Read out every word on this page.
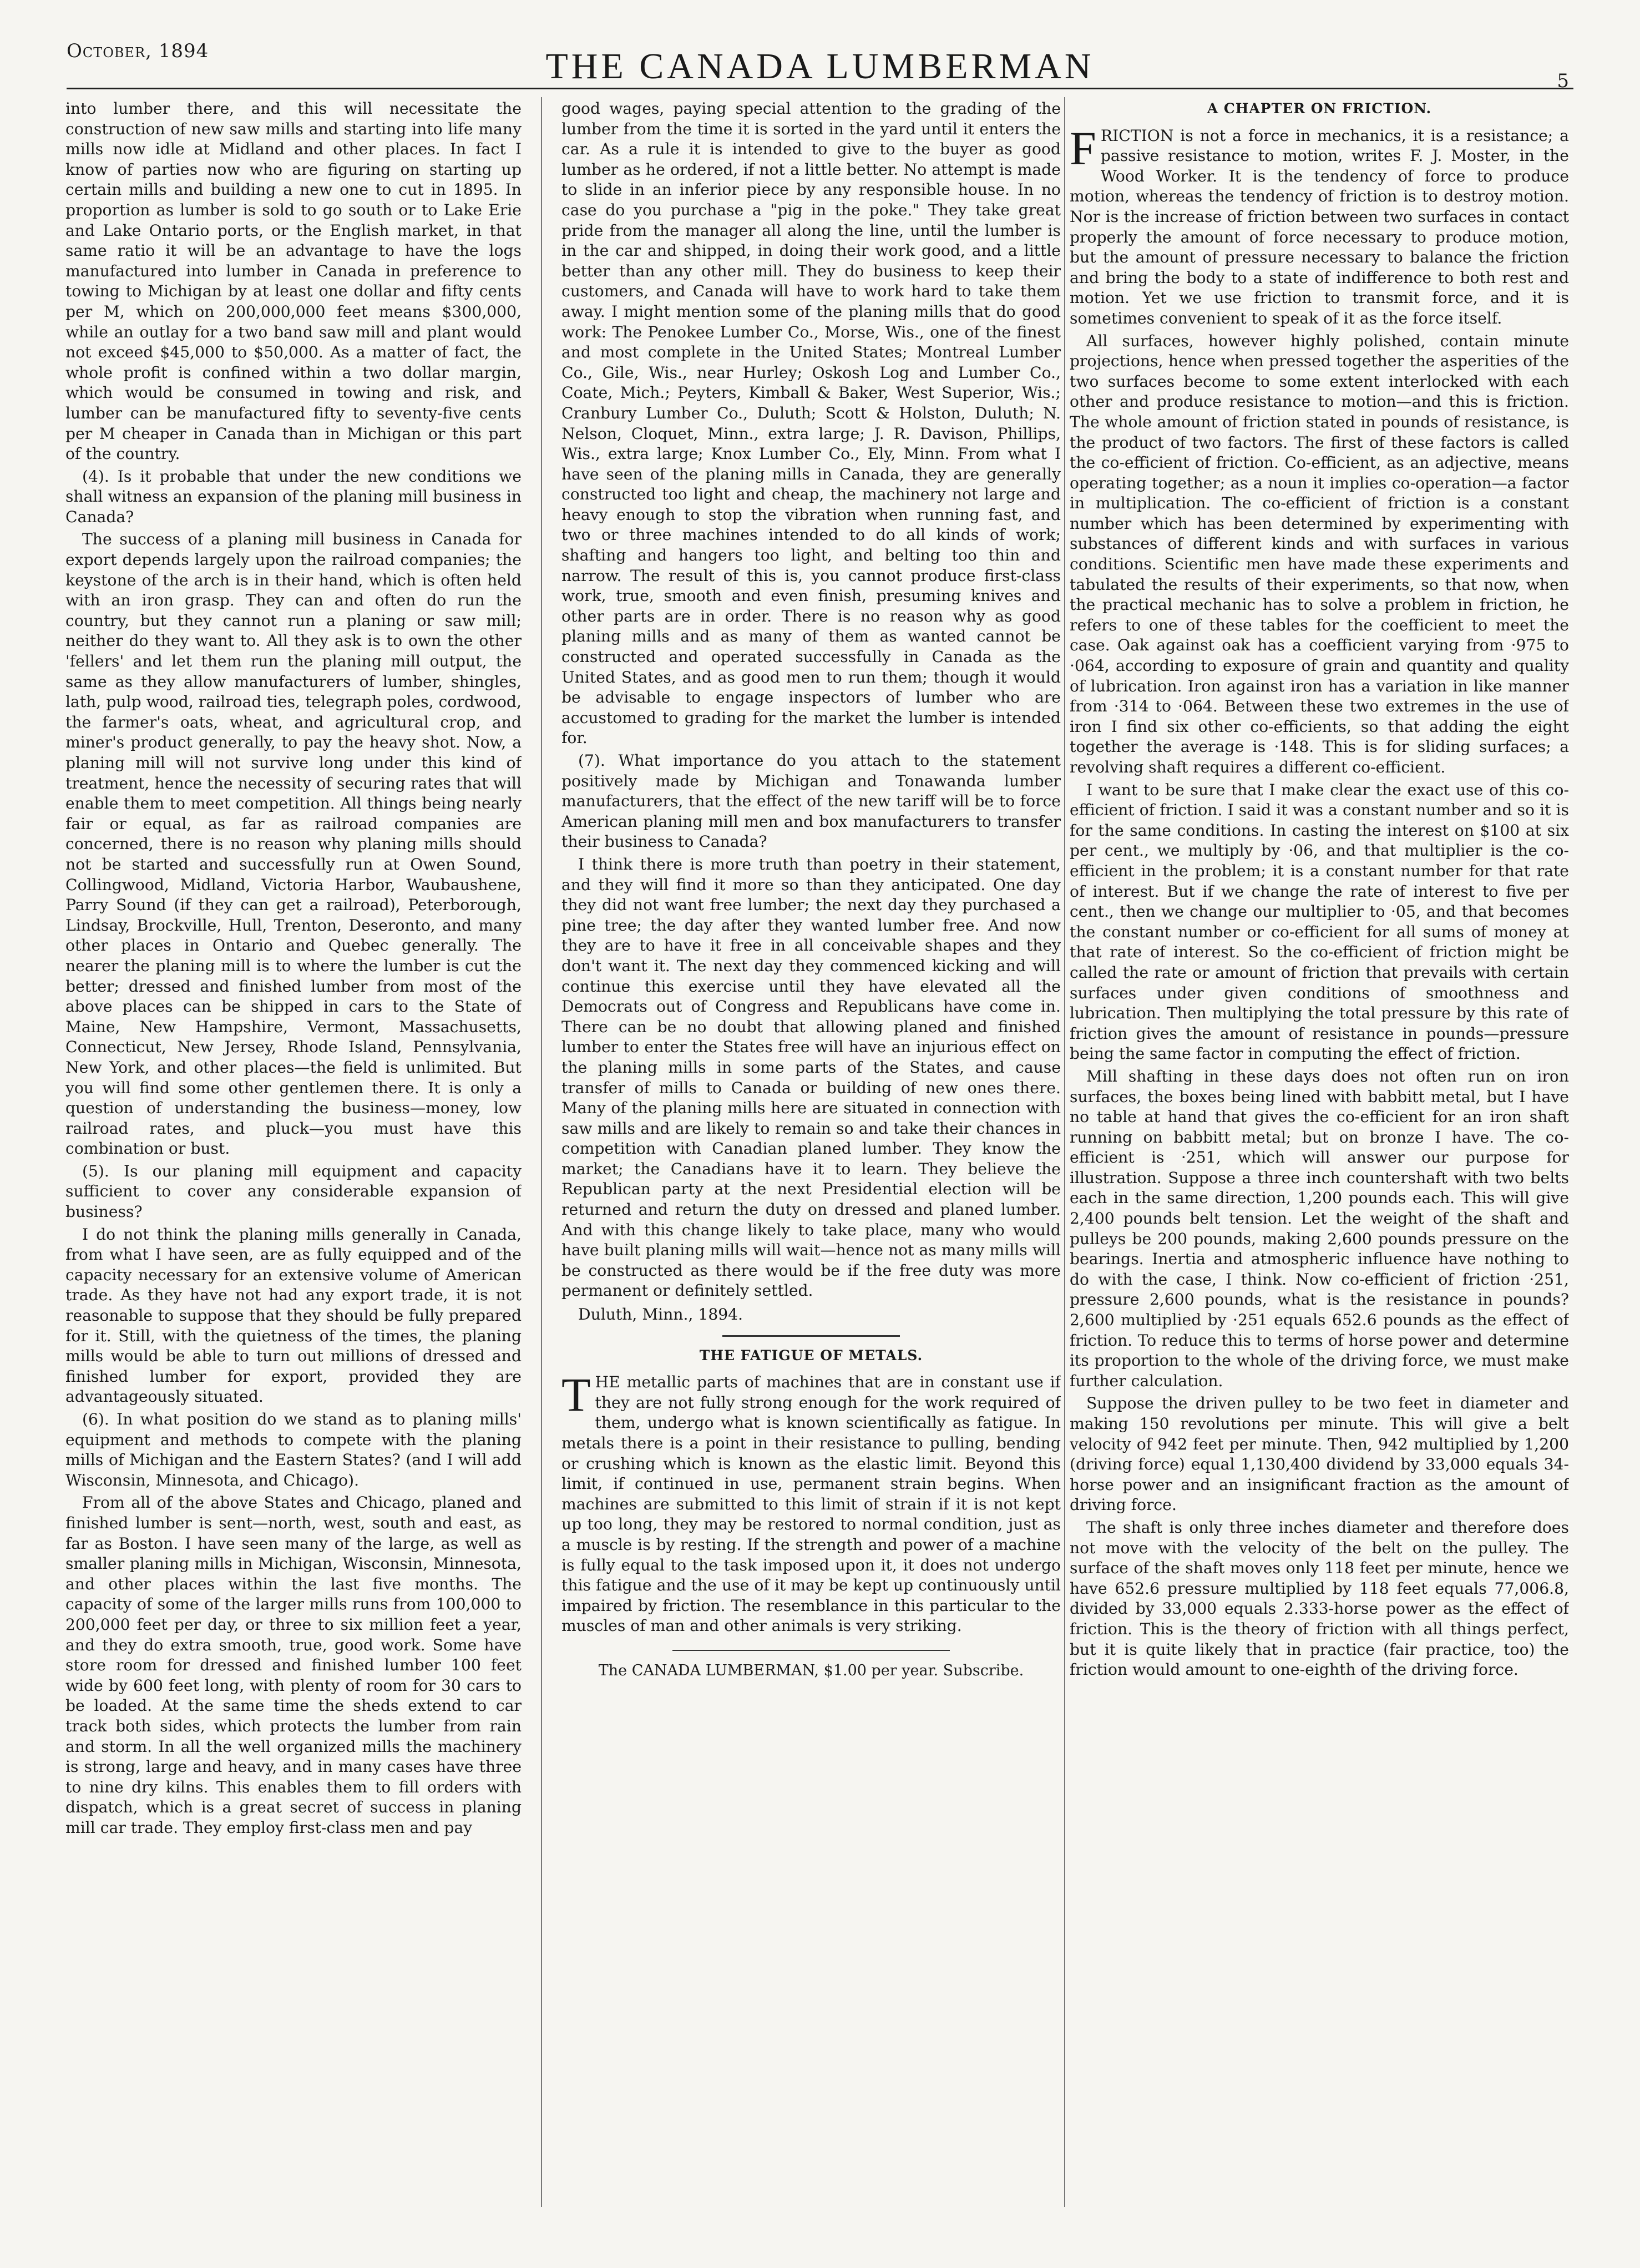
October, 1894	THE CANADA LUMBERMAN	5

into lumber there, and this will necessitate the construction of new saw mills and starting into life many mills now idle at Midland and other places. In fact I know of parties now who are figuring on starting up certain mills and building a new one to cut in 1895. In proportion as lumber is sold to go south or to Lake Erie and Lake Ontario ports, or the English market, in that same ratio it will be an advantage to have the logs manufactured into lumber in Canada in preference to towing to Michigan by at least one dollar and fifty cents per M, which on 200,000,000 feet means $300,000, while an outlay for a two band saw mill and plant would not exceed $45,000 to $50,000. As a matter of fact, the whole profit is confined within a two dollar margin, which would be consumed in towing and risk, and lumber can be manufactured fifty to seventy-five cents per M cheaper in Canada than in Michigan or this part of the country.

(4). Is it probable that under the new conditions we shall witness an expansion of the planing mill business in Canada?

The success of a planing mill business in Canada for export depends largely upon the railroad companies; the keystone of the arch is in their hand, which is often held with an iron grasp. They can and often do run the country, but they cannot run a planing or saw mill; neither do they want to. All they ask is to own the other 'fellers' and let them run the planing mill output, the same as they allow manufacturers of lumber, shingles, lath, pulp wood, railroad ties, telegraph poles, cordwood, the farmer's oats, wheat, and agricultural crop, and miner's product generally, to pay the heavy shot. Now, a planing mill will not survive long under this kind of treatment, hence the necessity of securing rates that will enable them to meet competition. All things being nearly fair or equal, as far as railroad companies are concerned, there is no reason why planing mills should not be started and successfully run at Owen Sound, Collingwood, Midland, Victoria Harbor, Waubaushene, Parry Sound (if they can get a railroad), Peterborough, Lindsay, Brockville, Hull, Trenton, Deseronto, and many other places in Ontario and Quebec generally. The nearer the planing mill is to where the lumber is cut the better; dressed and finished lumber from most of the above places can be shipped in cars to the State of Maine, New Hampshire, Vermont, Massachusetts, Connecticut, New Jersey, Rhode Island, Pennsylvania, New York, and other places—the field is unlimited. But you will find some other gentlemen there. It is only a question of understanding the business—money, low railroad rates, and pluck—you must have this combination or bust.

(5). Is our planing mill equipment and capacity sufficient to cover any considerable expansion of business?

I do not think the planing mills generally in Canada, from what I have seen, are as fully equipped and of the capacity necessary for an extensive volume of American trade. As they have not had any export trade, it is not reasonable to suppose that they should be fully prepared for it. Still, with the quietness of the times, the planing mills would be able to turn out millions of dressed and finished lumber for export, provided they are advantageously situated.

(6). In what position do we stand as to planing mills' equipment and methods to compete with the planing mills of Michigan and the Eastern States? (and I will add Wisconsin, Minnesota, and Chicago).

From all of the above States and Chicago, planed and finished lumber is sent—north, west, south and east, as far as Boston. I have seen many of the large, as well as smaller planing mills in Michigan, Wisconsin, Minnesota, and other places within the last five months. The capacity of some of the larger mills runs from 100,000 to 200,000 feet per day, or three to six million feet a year, and they do extra smooth, true, good work. Some have store room for dressed and finished lumber 100 feet wide by 600 feet long, with plenty of room for 30 cars to be loaded. At the same time the sheds extend to car track both sides, which protects the lumber from rain and storm. In all the well organized mills the machinery is strong, large and heavy, and in many cases have three to nine dry kilns. This enables them to fill orders with dispatch, which is a great secret of success in planing mill car trade. They employ first-class men and pay

good wages, paying special attention to the grading of the lumber from the time it is sorted in the yard until it enters the car. As a rule it is intended to give to the buyer as good lumber as he ordered, if not a little better. No attempt is made to slide in an inferior piece by any responsible house. In no case do you purchase a "pig in the poke." They take great pride from the manager all along the line, until the lumber is in the car and shipped, in doing their work good, and a little better than any other mill. They do business to keep their customers, and Canada will have to work hard to take them away. I might mention some of the planing mills that do good work: The Penokee Lumber Co., Morse, Wis., one of the finest and most complete in the United States; Montreal Lumber Co., Gile, Wis., near Hurley; Oskosh Log and Lumber Co., Coate, Mich.; Peyters, Kimball & Baker, West Superior, Wis.; Cranbury Lumber Co., Duluth; Scott & Holston, Duluth; N. Nelson, Cloquet, Minn., extra large; J. R. Davison, Phillips, Wis., extra large; Knox Lumber Co., Ely, Minn. From what I have seen of the planing mills in Canada, they are generally constructed too light and cheap, the machinery not large and heavy enough to stop the vibration when running fast, and two or three machines intended to do all kinds of work; shafting and hangers too light, and belting too thin and narrow. The result of this is, you cannot produce first-class work, true, smooth and even finish, presuming knives and other parts are in order. There is no reason why as good planing mills and as many of them as wanted cannot be constructed and operated successfully in Canada as the United States, and as good men to run them; though it would be advisable to engage inspectors of lumber who are accustomed to grading for the market the lumber is intended for.

(7). What importance do you attach to the statement positively made by Michigan and Tonawanda lumber manufacturers, that the effect of the new tariff will be to force American planing mill men and box manufacturers to transfer their business to Canada?

I think there is more truth than poetry in their statement, and they will find it more so than they anticipated. One day they did not want free lumber; the next day they purchased a pine tree; the day after they wanted lumber free. And now they are to have it free in all conceivable shapes and they don't want it. The next day they commenced kicking and will continue this exercise until they have elevated all the Democrats out of Congress and Republicans have come in. There can be no doubt that allowing planed and finished lumber to enter the States free will have an injurious effect on the planing mills in some parts of the States, and cause transfer of mills to Canada or building of new ones there. Many of the planing mills here are situated in connection with saw mills and are likely to remain so and take their chances in competition with Canadian planed lumber. They know the market; the Canadians have it to learn. They believe the Republican party at the next Presidential election will be returned and return the duty on dressed and planed lumber. And with this change likely to take place, many who would have built planing mills will wait—hence not as many mills will be constructed as there would be if the free duty was more permanent or definitely settled.

Duluth, Minn., 1894.

THE FATIGUE OF METALS.

THE metallic parts of machines that are in constant use if they are not fully strong enough for the work required of them, undergo what is known scientifically as fatigue. In metals there is a point in their resistance to pulling, bending or crushing which is known as the elastic limit. Beyond this limit, if continued in use, permanent strain begins. When machines are submitted to this limit of strain if it is not kept up too long, they may be restored to normal condition, just as a muscle is by resting. If the strength and power of a machine is fully equal to the task imposed upon it, it does not undergo this fatigue and the use of it may be kept up continuously until impaired by friction. The resemblance in this particular to the muscles of man and other animals is very striking.

The CANADA LUMBERMAN, $1.00 per year. Subscribe.
A CHAPTER ON FRICTION.

FRICTION is not a force in mechanics, it is a resistance; a passive resistance to motion, writes F. J. Moster, in the Wood Worker. It is the tendency of force to produce motion, whereas the tendency of friction is to destroy motion. Nor is the increase of friction between two surfaces in contact properly the amount of force necessary to produce motion, but the amount of pressure necessary to balance the friction and bring the body to a state of indifference to both rest and motion. Yet we use friction to transmit force, and it is sometimes convenient to speak of it as the force itself.

All surfaces, however highly polished, contain minute projections, hence when pressed together the asperities of the two surfaces become to some extent interlocked with each other and produce resistance to motion—and this is friction. The whole amount of friction stated in pounds of resistance, is the product of two factors. The first of these factors is called the co-efficient of friction. Co-efficient, as an adjective, means operating together; as a noun it implies co-operation—a factor in multiplication. The co-efficient of friction is a constant number which has been determined by experimenting with substances of different kinds and with surfaces in various conditions. Scientific men have made these experiments and tabulated the results of their experiments, so that now, when the practical mechanic has to solve a problem in friction, he refers to one of these tables for the coefficient to meet the case. Oak against oak has a coefficient varying from ·975 to ·064, according to exposure of grain and quantity and quality of lubrication. Iron against iron has a variation in like manner from ·314 to ·064. Between these two extremes in the use of iron I find six other co-efficients, so that adding the eight together the average is ·148. This is for sliding surfaces; a revolving shaft requires a different co-efficient.

I want to be sure that I make clear the exact use of this co-efficient of friction. I said it was a constant number and so it is for the same conditions. In casting the interest on $100 at six per cent., we multiply by ·06, and that multiplier is the co-efficient in the problem; it is a constant number for that rate of interest. But if we change the rate of interest to five per cent., then we change our multiplier to ·05, and that becomes the constant number or co-efficient for all sums of money at that rate of interest. So the co-efficient of friction might be called the rate or amount of friction that prevails with certain surfaces under given conditions of smoothness and lubrication. Then multiplying the total pressure by this rate of friction gives the amount of resistance in pounds—pressure being the same factor in computing the effect of friction.

Mill shafting in these days does not often run on iron surfaces, the boxes being lined with babbitt metal, but I have no table at hand that gives the co-efficient for an iron shaft running on babbitt metal; but on bronze I have. The co-efficient is ·251, which will answer our purpose for illustration. Suppose a three inch countershaft with two belts each in the same direction, 1,200 pounds each. This will give 2,400 pounds belt tension. Let the weight of the shaft and pulleys be 200 pounds, making 2,600 pounds pressure on the bearings. Inertia and atmospheric influence have nothing to do with the case, I think. Now co-efficient of friction ·251, pressure 2,600 pounds, what is the resistance in pounds? 2,600 multiplied by ·251 equals 652.6 pounds as the effect of friction. To reduce this to terms of horse power and determine its proportion to the whole of the driving force, we must make further calculation.

Suppose the driven pulley to be two feet in diameter and making 150 revolutions per minute. This will give a belt velocity of 942 feet per minute. Then, 942 multiplied by 1,200 (driving force) equal 1,130,400 dividend by 33,000 equals 34-horse power and an insignificant fraction as the amount of driving force.

The shaft is only three inches diameter and therefore does not move with the velocity of the belt on the pulley. The surface of the shaft moves only 118 feet per minute, hence we have 652.6 pressure multiplied by 118 feet equals 77,006.8, divided by 33,000 equals 2.333-horse power as the effect of friction. This is the theory of friction with all things perfect, but it is quite likely that in practice (fair practice, too) the friction would amount to one-eighth of the driving force.
